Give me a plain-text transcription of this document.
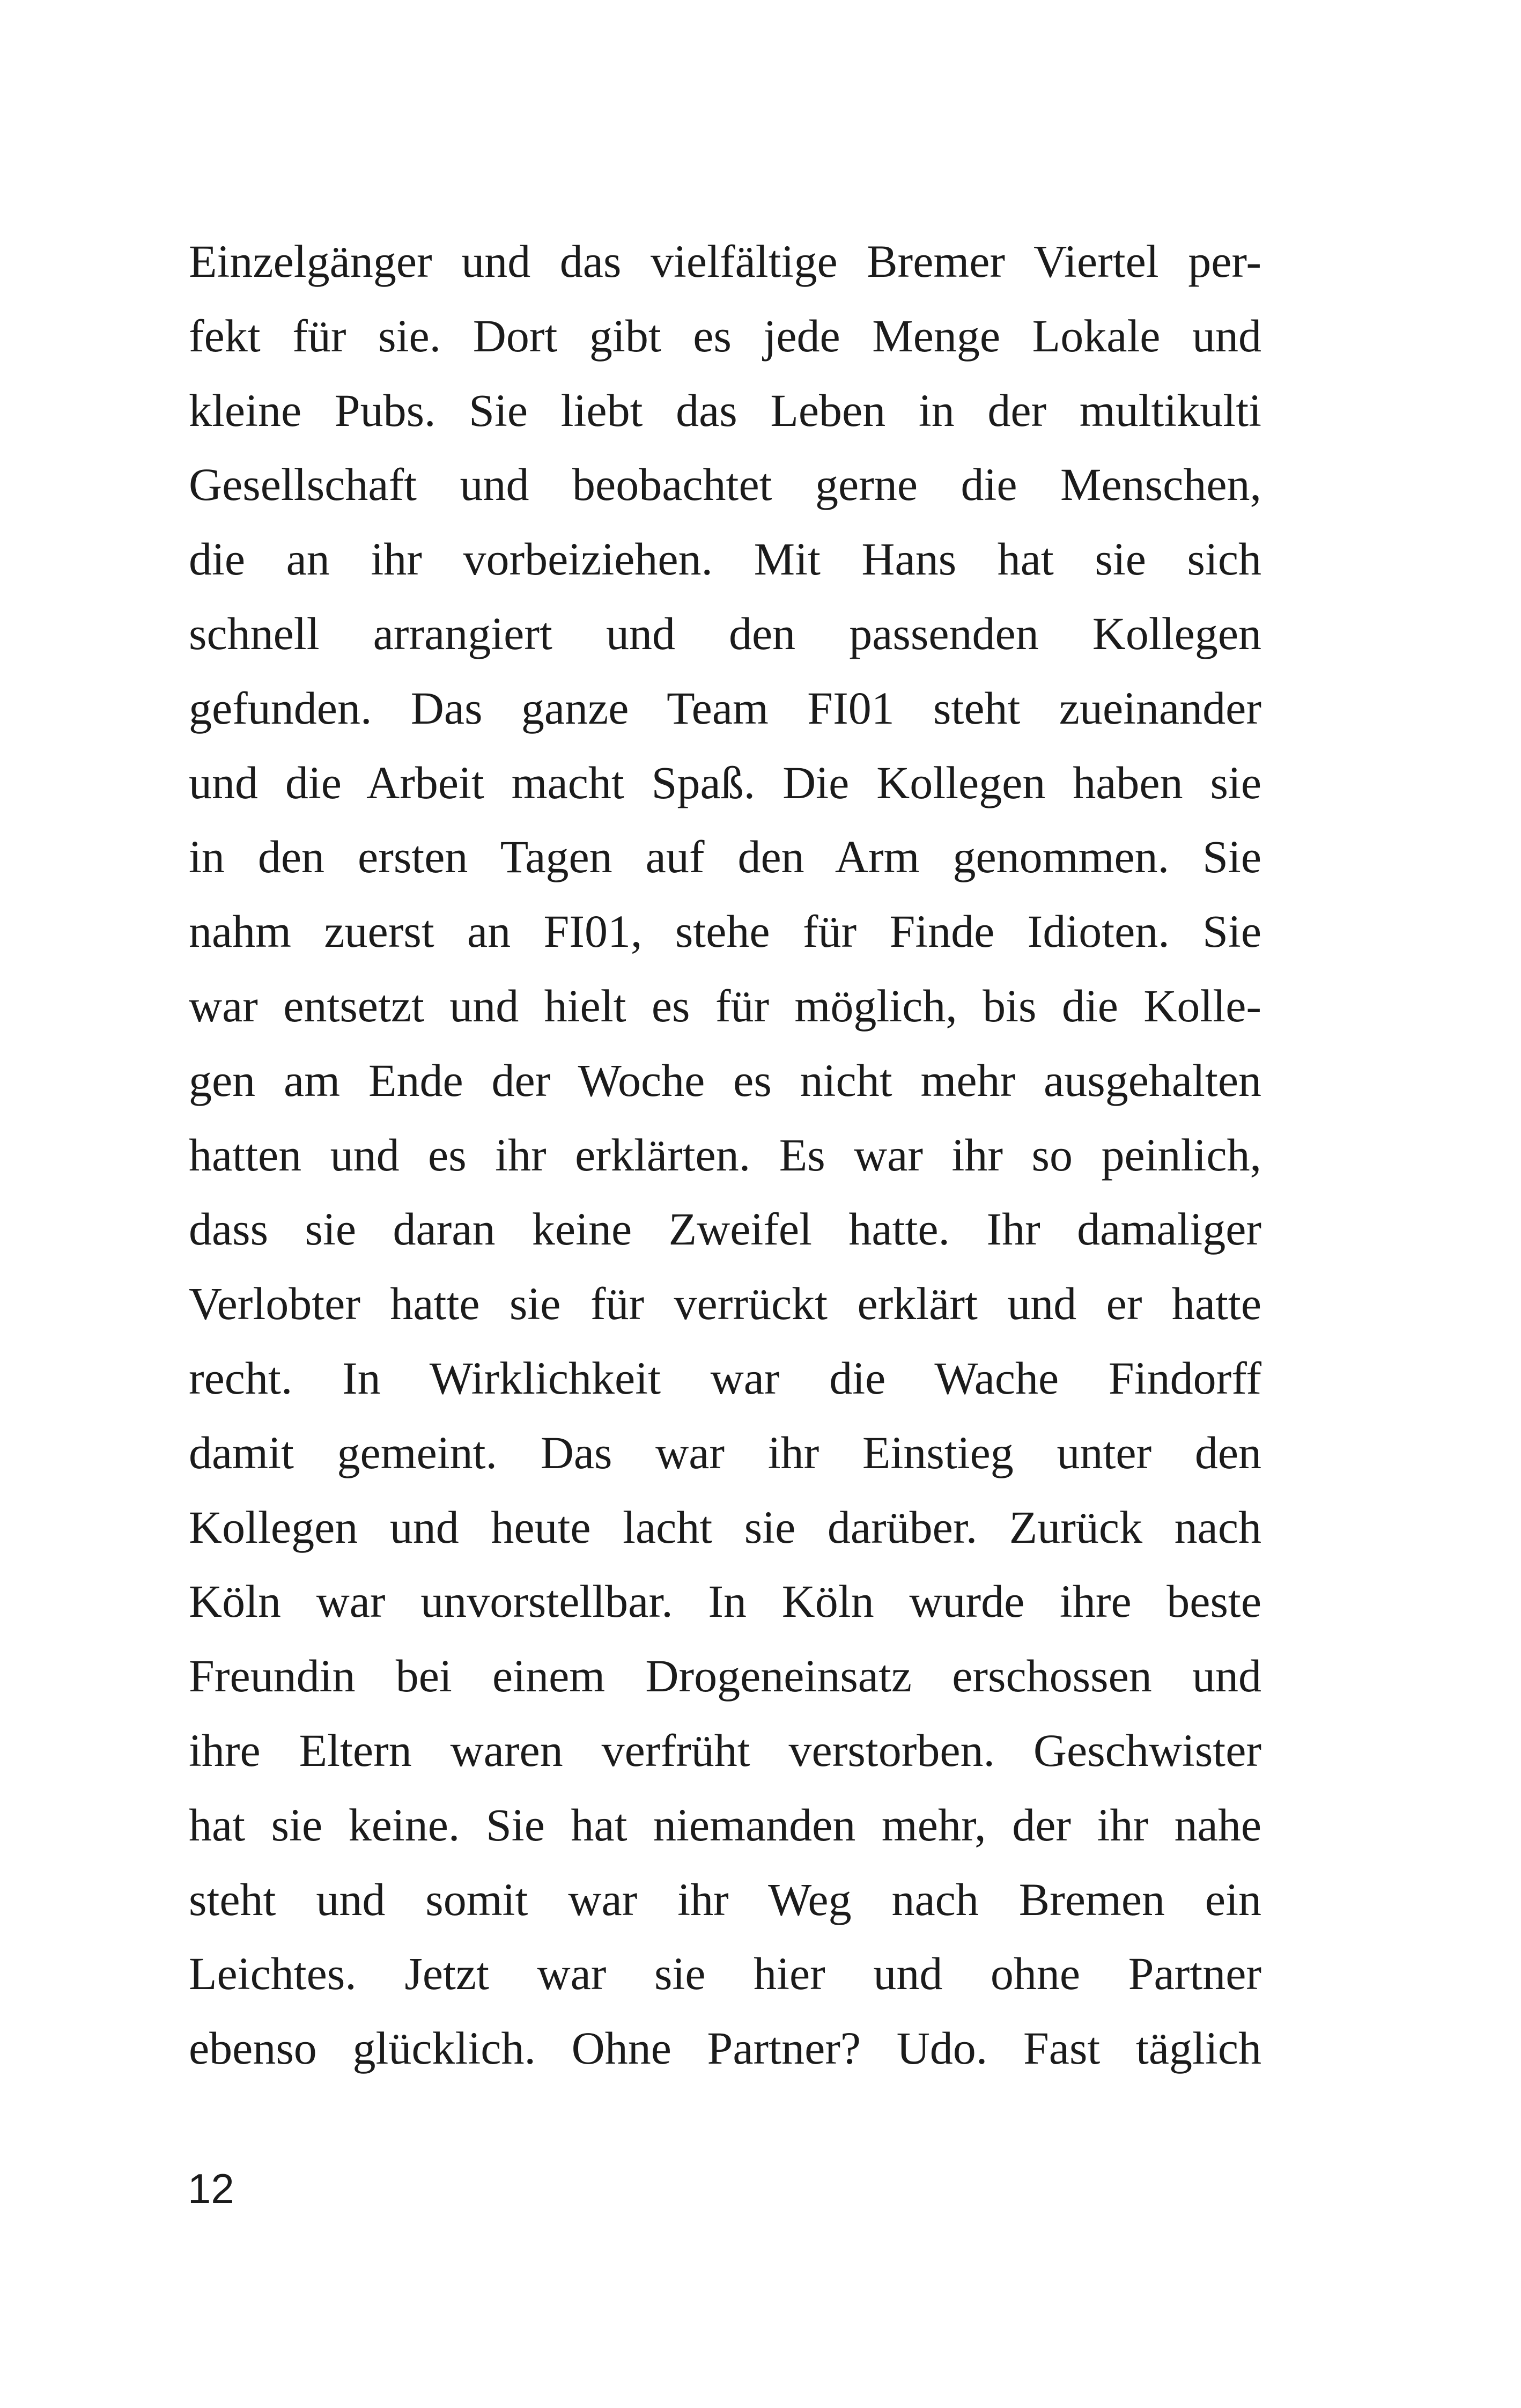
Einzelgänger und das vielfältige Bremer Viertel per-
fekt für sie. Dort gibt es jede Menge Lokale und
kleine Pubs. Sie liebt das Leben in der multikulti
Gesellschaft und beobachtet gerne die Menschen,
die an ihr vorbeiziehen. Mit Hans hat sie sich
schnell arrangiert und den passenden Kollegen
gefunden. Das ganze Team FI01 steht zueinander
und die Arbeit macht Spaß. Die Kollegen haben sie
in den ersten Tagen auf den Arm genommen. Sie
nahm zuerst an FI01, stehe für Finde Idioten. Sie
war entsetzt und hielt es für möglich, bis die Kolle-
gen am Ende der Woche es nicht mehr ausgehalten
hatten und es ihr erklärten. Es war ihr so peinlich,
dass sie daran keine Zweifel hatte. Ihr damaliger
Verlobter hatte sie für verrückt erklärt und er hatte
recht. In Wirklichkeit war die Wache Findorff
damit gemeint. Das war ihr Einstieg unter den
Kollegen und heute lacht sie darüber. Zurück nach
Köln war unvorstellbar. In Köln wurde ihre beste
Freundin bei einem Drogeneinsatz erschossen und
ihre Eltern waren verfrüht verstorben. Geschwister
hat sie keine. Sie hat niemanden mehr, der ihr nahe
steht und somit war ihr Weg nach Bremen ein
Leichtes. Jetzt war sie hier und ohne Partner
ebenso glücklich. Ohne Partner? Udo. Fast täglich
12
